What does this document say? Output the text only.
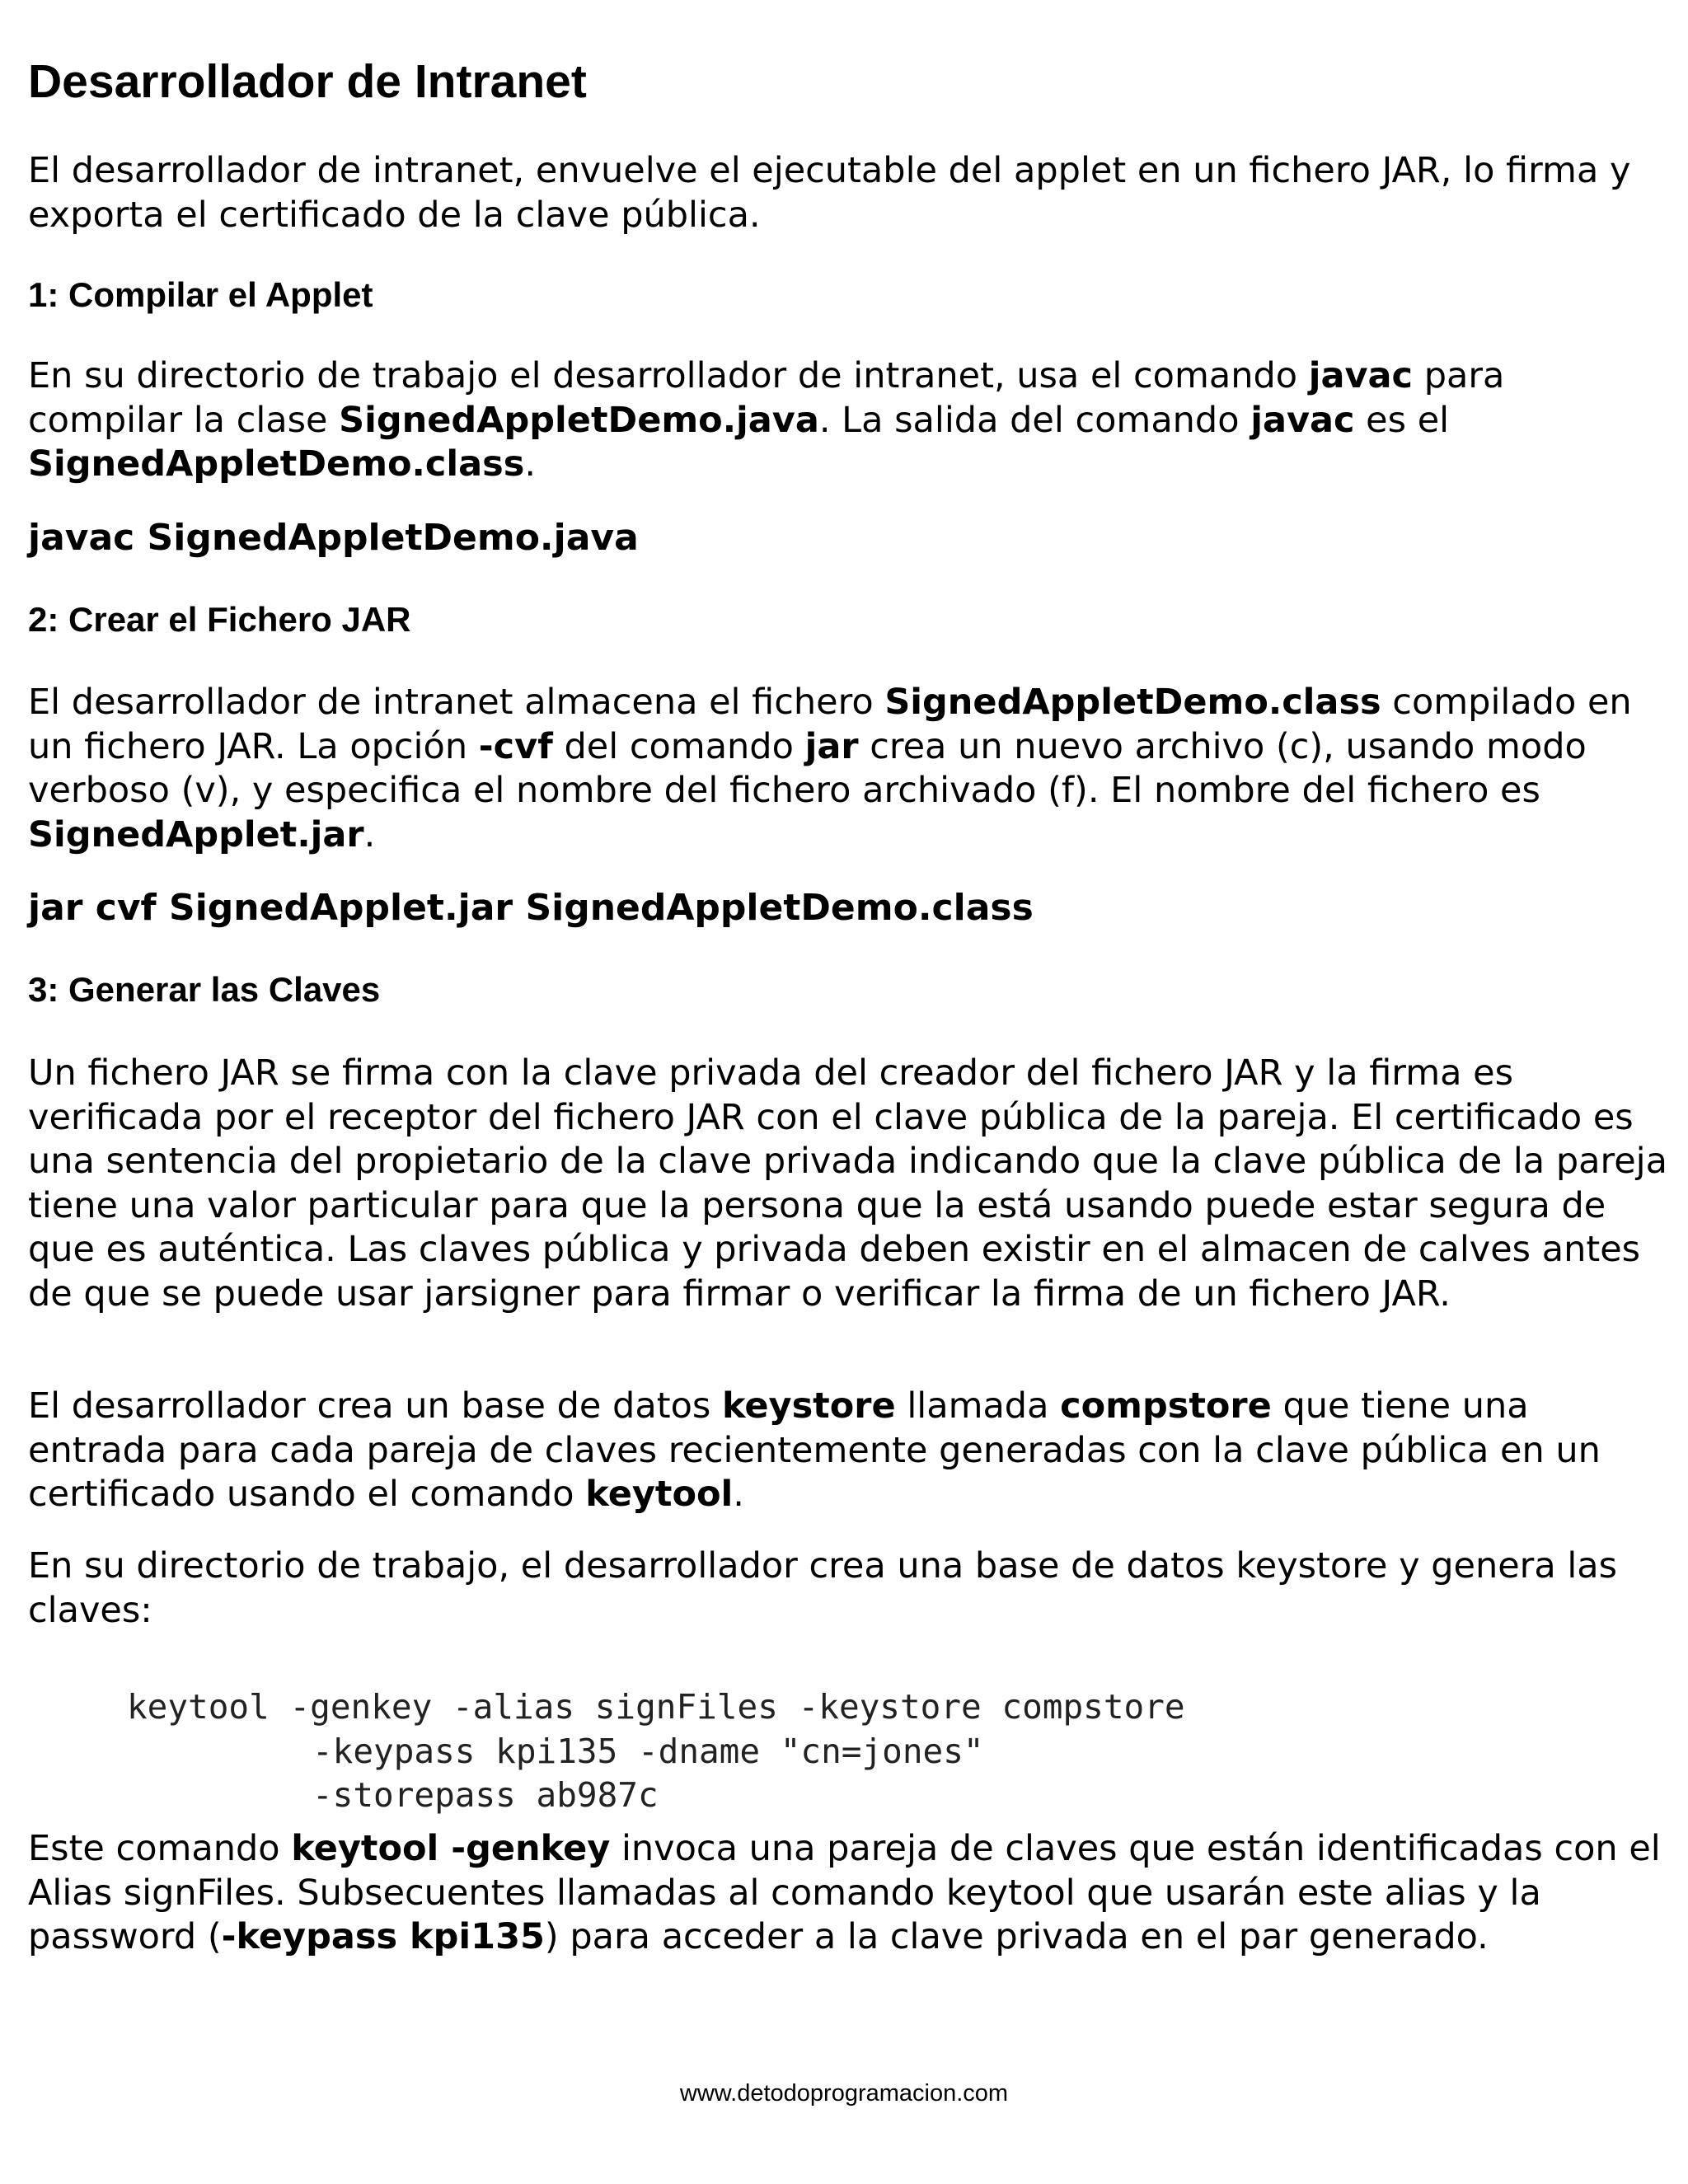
Desarrollador de Intranet

El desarrollador de intranet, envuelve el ejecutable del applet en un fichero JAR, lo firma y exporta el certificado de la clave pública.

1: Compilar el Applet

En su directorio de trabajo el desarrollador de intranet, usa el comando javac para compilar la clase SignedAppletDemo.java. La salida del comando javac es el SignedAppletDemo.class.

javac SignedAppletDemo.java

2: Crear el Fichero JAR

El desarrollador de intranet almacena el fichero SignedAppletDemo.class compilado en un fichero JAR. La opción -cvf del comando jar crea un nuevo archivo (c), usando modo verboso (v), y especifica el nombre del fichero archivado (f). El nombre del fichero es SignedApplet.jar.

jar cvf SignedApplet.jar SignedAppletDemo.class

3: Generar las Claves

Un fichero JAR se firma con la clave privada del creador del fichero JAR y la firma es verificada por el receptor del fichero JAR con el clave pública de la pareja. El certificado es una sentencia del propietario de la clave privada indicando que la clave pública de la pareja tiene una valor particular para que la persona que la está usando puede estar segura de que es auténtica. Las claves pública y privada deben existir en el almacen de calves antes de que se puede usar jarsigner para firmar o verificar la firma de un fichero JAR.

El desarrollador crea un base de datos keystore llamada compstore que tiene una entrada para cada pareja de claves recientemente generadas con la clave pública en un certificado usando el comando keytool.

En su directorio de trabajo, el desarrollador crea una base de datos keystore y genera las claves:

keytool -genkey -alias signFiles -keystore compstore
-keypass kpi135 -dname "cn=jones"
-storepass ab987c

Este comando keytool -genkey invoca una pareja de claves que están identificadas con el Alias signFiles. Subsecuentes llamadas al comando keytool que usarán este alias y la password (-keypass kpi135) para acceder a la clave privada en el par generado.

www.detodoprogramacion.com
